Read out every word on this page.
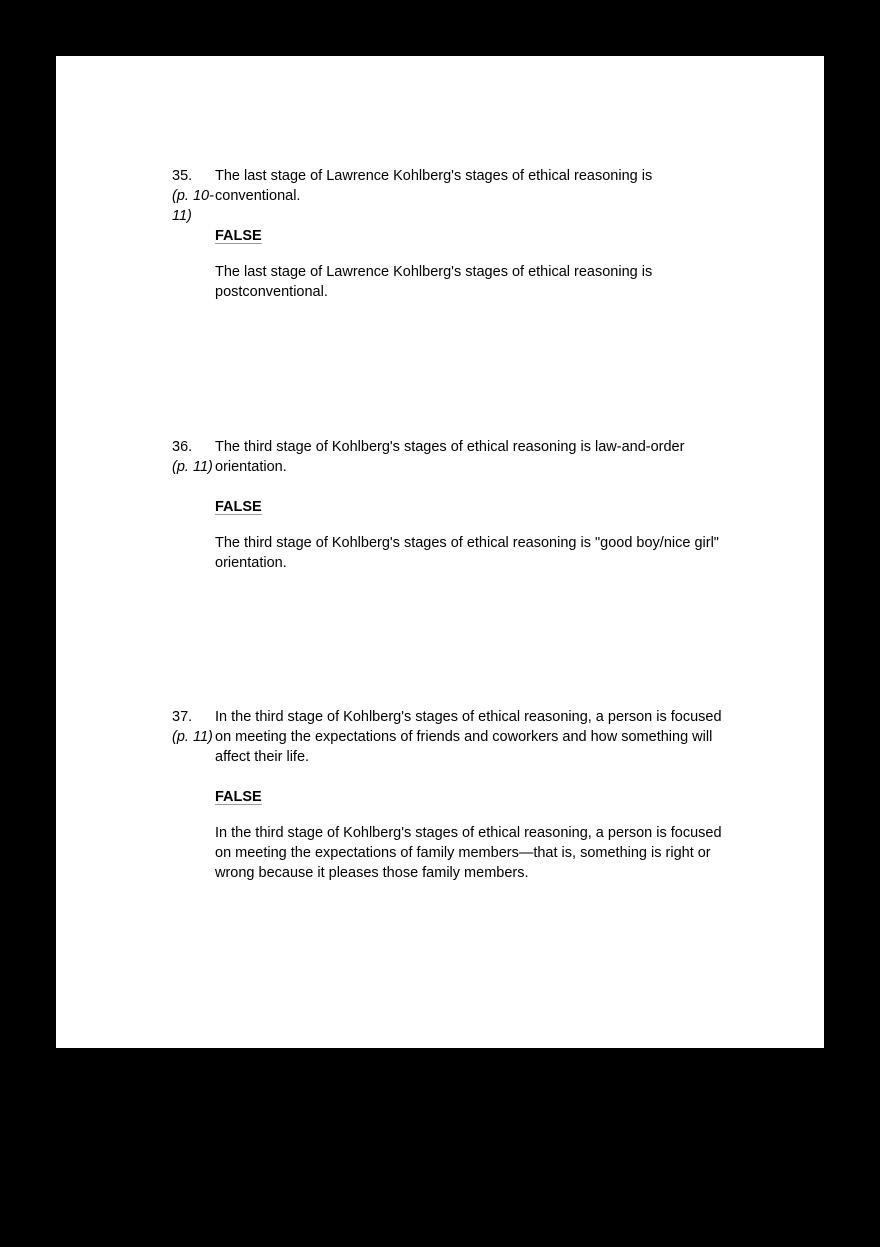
35.
(p. 10-
11)
The last stage of Lawrence Kohlberg's stages of ethical reasoning is
conventional.
FALSE
The last stage of Lawrence Kohlberg's stages of ethical reasoning is
postconventional.
36.
(p. 11)
The third stage of Kohlberg's stages of ethical reasoning is law-and-order
orientation.
FALSE
The third stage of Kohlberg's stages of ethical reasoning is "good boy/nice girl"
orientation.
37.
(p. 11)
In the third stage of Kohlberg's stages of ethical reasoning, a person is focused
on meeting the expectations of friends and coworkers and how something will
affect their life.
FALSE
In the third stage of Kohlberg's stages of ethical reasoning, a person is focused
on meeting the expectations of family members—that is, something is right or
wrong because it pleases those family members.
